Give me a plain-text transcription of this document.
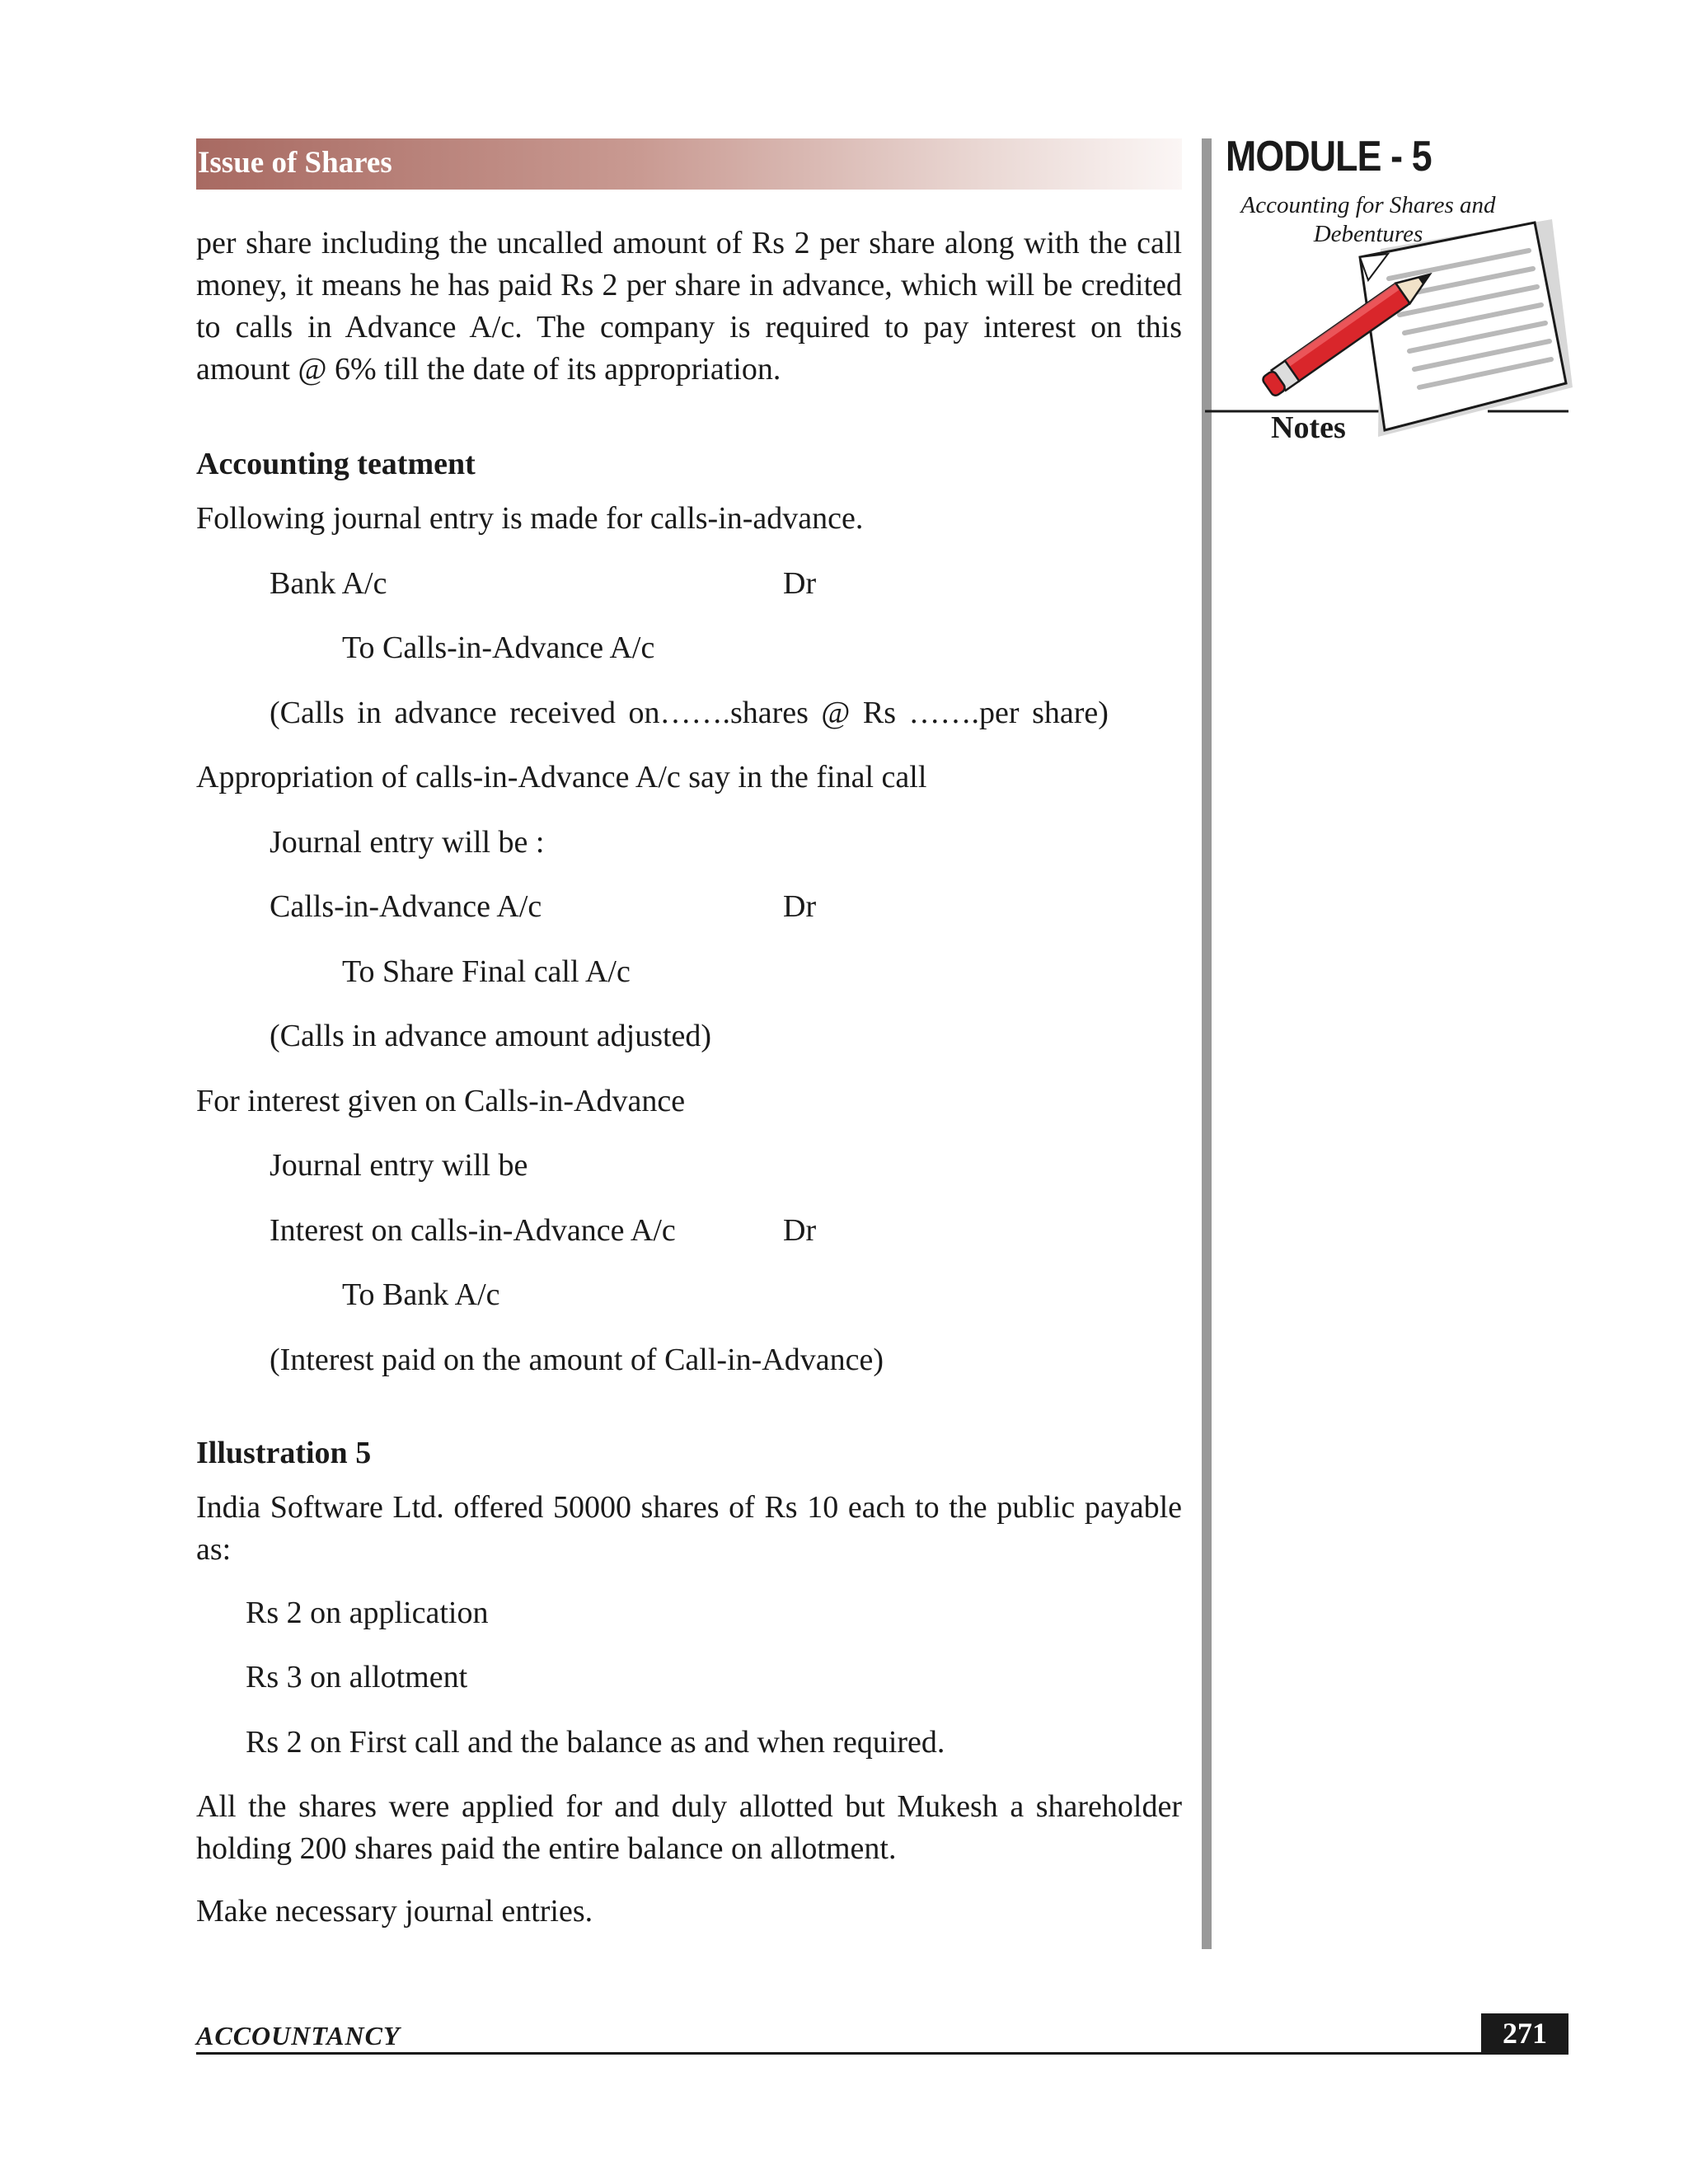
Issue of Shares	MODULE - 5
Accounting for Shares and Debentures
Notes
per share including the uncalled amount of Rs 2 per share along with the call money, it means he has paid Rs 2 per share in advance, which will be credited to calls in Advance A/c. The company is required to pay interest on this amount @ 6% till the date of its appropriation.
Accounting teatment
Following journal entry is made for calls-in-advance.
Bank A/c	Dr
To Calls-in-Advance A/c
(Calls in advance received on…….shares @ Rs …….per share)
Appropriation of calls-in-Advance A/c say in the final call
Journal entry will be :
Calls-in-Advance A/c	Dr
To Share Final call A/c
(Calls in advance amount adjusted)
For interest given on Calls-in-Advance
Journal entry will be
Interest on calls-in-Advance A/c	Dr
To Bank A/c
(Interest paid on the amount of Call-in-Advance)
Illustration 5
India Software Ltd. offered 50000 shares of Rs 10 each to the public payable as:
Rs 2 on application
Rs 3 on allotment
Rs 2 on First call and the balance as and when required.
All the shares were applied for and duly allotted but Mukesh a shareholder holding 200 shares paid the entire balance on allotment.
Make necessary journal entries.
ACCOUNTANCY	271
